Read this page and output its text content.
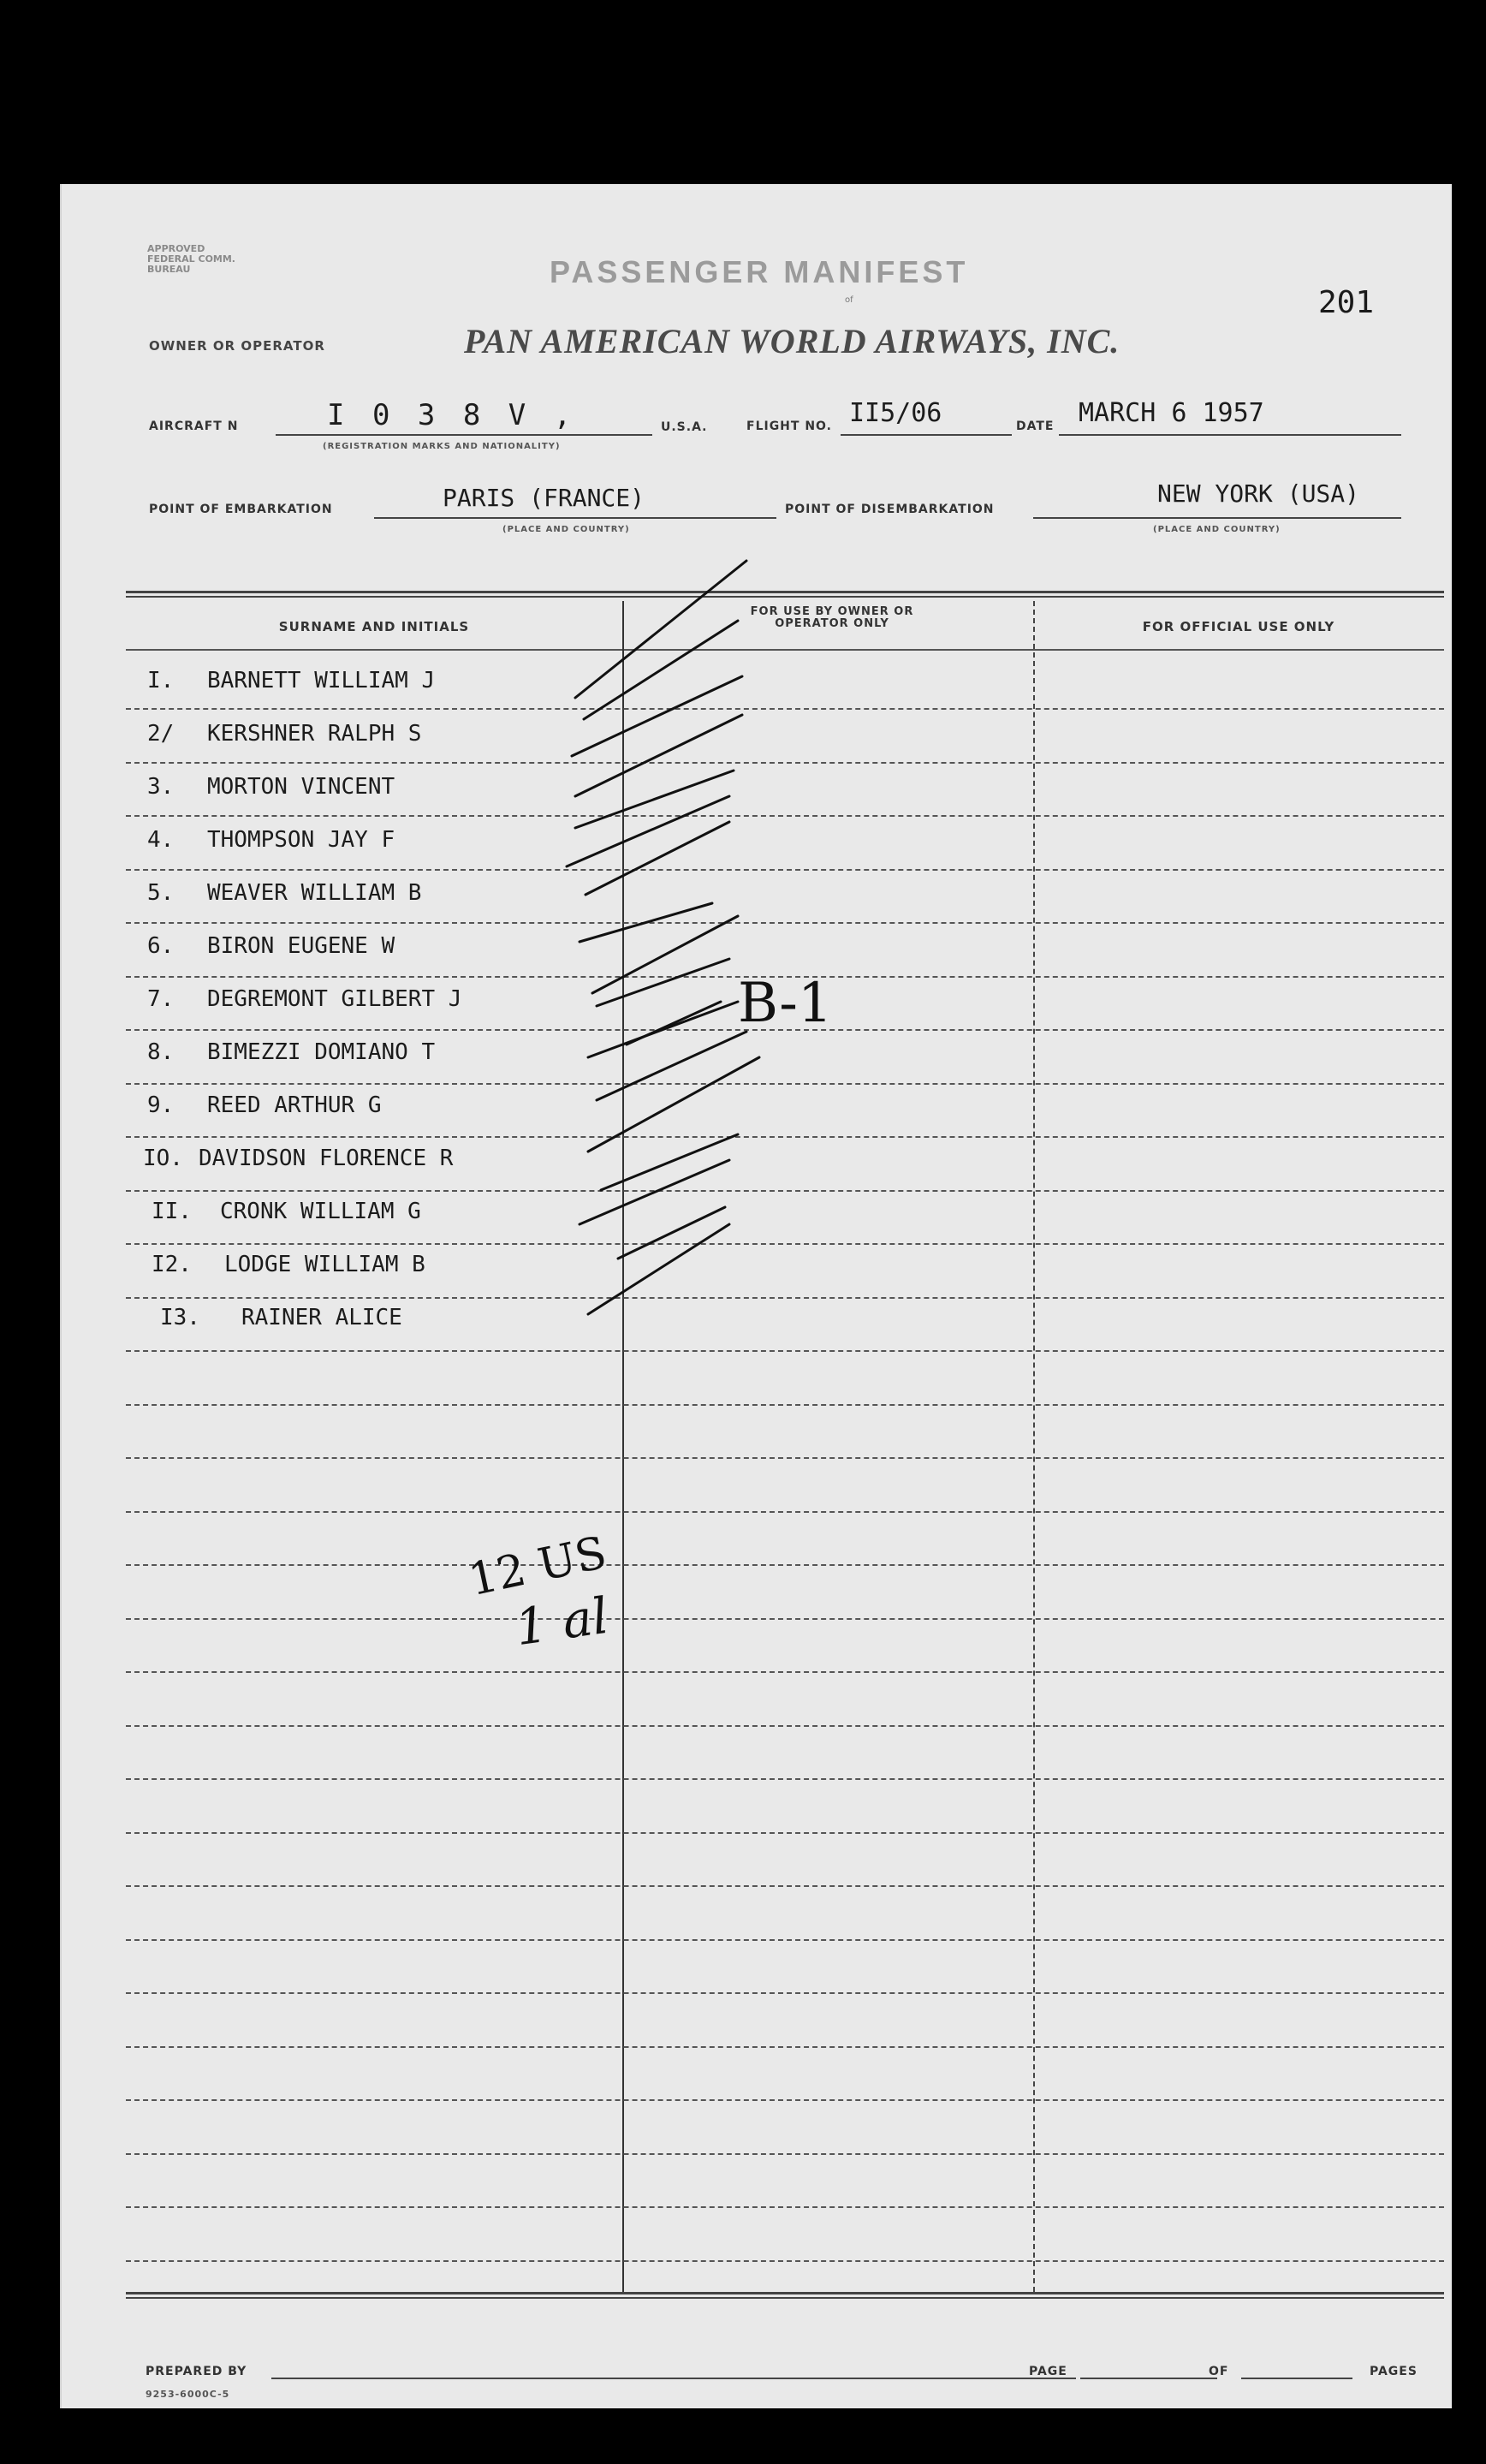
APPROVED
FEDERAL COMM.
BUREAU	PASSENGER MANIFEST
of	201
OWNER OR OPERATOR	PAN AMERICAN WORLD AIRWAYS, INC.
AIRCRAFT N	I 0 3 8 V ,
(REGISTRATION MARKS AND NATIONALITY)
U.S.A.	FLIGHT NO. II5/06	DATE MARCH 6 1957
POINT OF EMBARKATION	PARIS (FRANCE)
(PLACE AND COUNTRY)
POINT OF DISEMBARKATION
NEW YORK (USA)
(PLACE AND COUNTRY)
SURNAME AND INITIALS
FOR USE BY OWNER OR OPERATOR ONLY	FOR OFFICIAL USE ONLY
I. BARNETT WILLIAM J
2/ KERSHNER RALPH S
3. MORTON VINCENT
4. THOMPSON JAY F
5. WEAVER WILLIAM B
6. BIRON EUGENE W
7. DEGREMONT GILBERT J
8. BIMEZZI DOMIANO T
9. REED ARTHUR G
IO. DAVIDSON FLORENCE R
II. CRONK WILLIAM G
I2. LODGE WILLIAM B
I3. RAINER ALICE
B-1
12 US
1 al
PREPARED BY	PAGE	OF	PAGES
9253-6000C-5
